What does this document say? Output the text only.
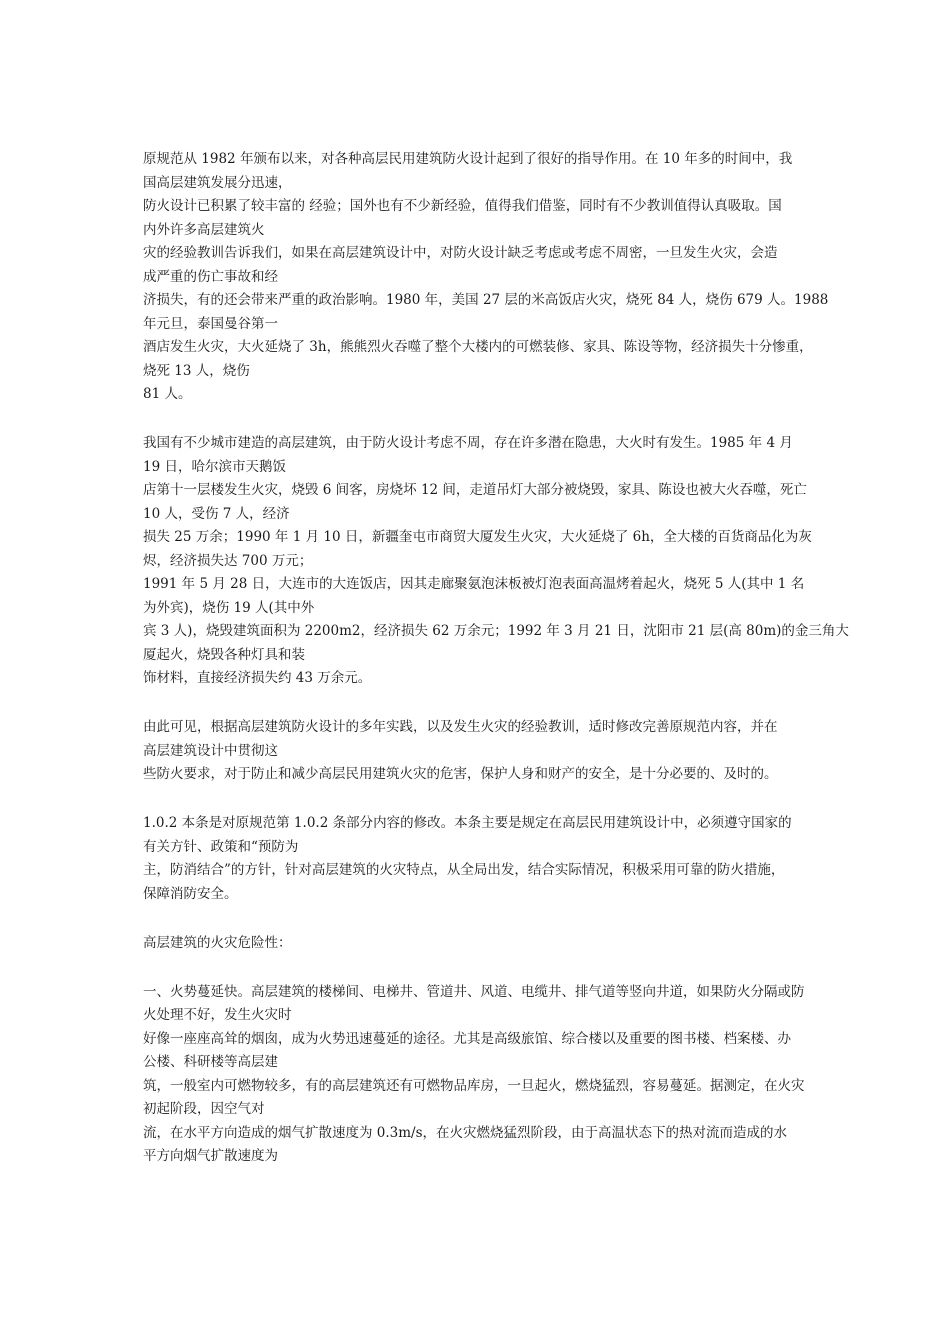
原规范从 1982 年颁布以来，对各种高层民用建筑防火设计起到了很好的指导作用。在 10 年多的时间中，我
国高层建筑发展分迅速，
防火设计已积累了较丰富的 经验；国外也有不少新经验，值得我们借鉴，同时有不少教训值得认真吸取。国
内外许多高层建筑火
灾的经验教训告诉我们，如果在高层建筑设计中，对防火设计缺乏考虑或考虑不周密，一旦发生火灾，会造
成严重的伤亡事故和经
济损失，有的还会带来严重的政治影响。1980 年，美国 27 层的米高饭店火灾，烧死 84 人，烧伤 679 人。1988
年元旦，泰国曼谷第一
酒店发生火灾，大火延烧了 3h，熊熊烈火吞噬了整个大楼内的可燃装修、家具、陈设等物，经济损失十分惨重，
烧死 13 人，烧伤
81 人。
我国有不少城市建造的高层建筑，由于防火设计考虑不周，存在许多潜在隐患，大火时有发生。1985 年 4 月
19 日，哈尔滨市天鹅饭
店第十一层楼发生火灾，烧毁 6 间客，房烧坏 12 间，走道吊灯大部分被烧毁，家具、陈设也被大火吞噬，死亡
10 人，受伤 7 人，经济
损失 25 万余；1990 年 1 月 10 日，新疆奎屯市商贸大厦发生火灾，大火延烧了 6h，全大楼的百货商品化为灰
烬，经济损失达 700 万元；
1991 年 5 月 28 日，大连市的大连饭店，因其走廊聚氨泡沫板被灯泡表面高温烤着起火，烧死 5 人(其中 1 名
为外宾)，烧伤 19 人(其中外
宾 3 人)，烧毁建筑面积为 2200m2，经济损失 62 万余元；1992 年 3 月 21 日，沈阳市 21 层(高 80m)的金三角大
厦起火，烧毁各种灯具和装
饰材料，直接经济损失约 43 万余元。
由此可见，根据高层建筑防火设计的多年实践，以及发生火灾的经验教训，适时修改完善原规范内容，并在
高层建筑设计中贯彻这
些防火要求，对于防止和减少高层民用建筑火灾的危害，保护人身和财产的安全，是十分必要的、及时的。
1.0.2 本条是对原规范第 1.0.2 条部分内容的修改。本条主要是规定在高层民用建筑设计中，必须遵守国家的
有关方针、政策和“预防为
主，防消结合”的方针，针对高层建筑的火灾特点，从全局出发，结合实际情况，积极采用可靠的防火措施，
保障消防安全。
高层建筑的火灾危险性：
一、火势蔓延快。高层建筑的楼梯间、电梯井、管道井、风道、电缆井、排气道等竖向井道，如果防火分隔或防
火处理不好，发生火灾时
好像一座座高耸的烟囱，成为火势迅速蔓延的途径。尤其是高级旅馆、综合楼以及重要的图书楼、档案楼、办
公楼、科研楼等高层建
筑，一般室内可燃物较多，有的高层建筑还有可燃物品库房，一旦起火，燃烧猛烈，容易蔓延。据测定，在火灾
初起阶段，因空气对
流，在水平方向造成的烟气扩散速度为 0.3m/s，在火灾燃烧猛烈阶段，由于高温状态下的热对流而造成的水
平方向烟气扩散速度为
